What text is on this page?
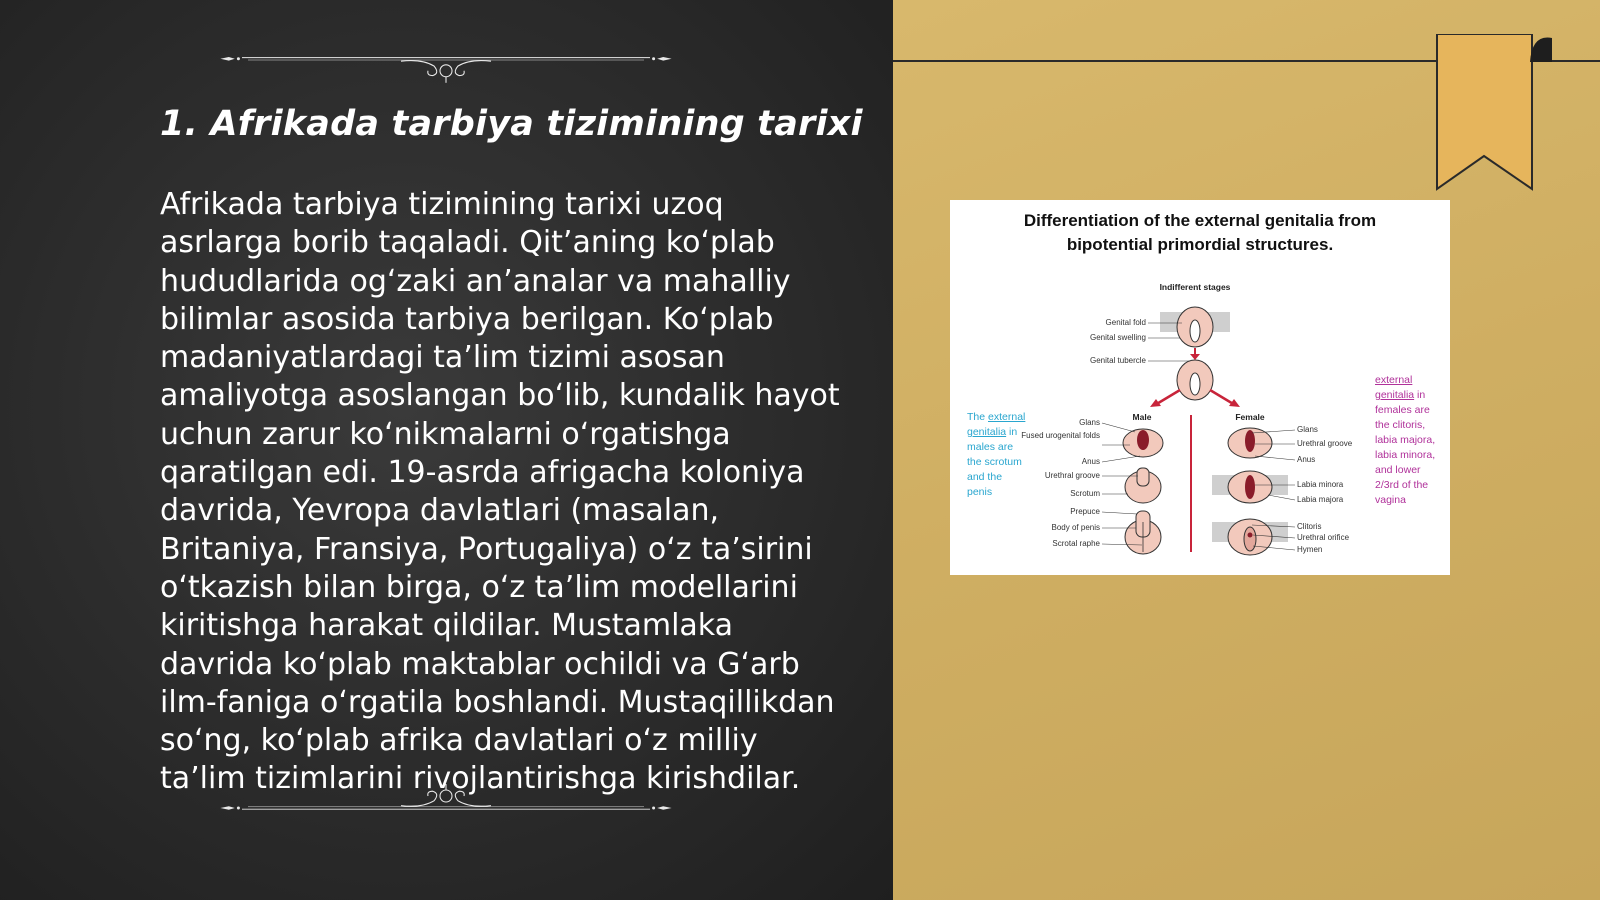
1. Afrikada tarbiya tizimining tarixi

Afrikada tarbiya tizimining tarixi uzoq asrlarga borib taqaladi. Qit’aning ko‘plab hududlarida og‘zaki an’analar va mahalliy bilimlar asosida tarbiya berilgan. Ko‘plab madaniyatlardagi ta’lim tizimi asosan amaliyotga asoslangan bo‘lib, kundalik hayot uchun zarur ko‘nikmalarni o‘rgatishga qaratilgan edi. 19-asrda afrigacha koloniya davrida, Yevropa davlatlari (masalan, Britaniya, Fransiya, Portugaliya) o‘z ta’sirini o‘tkazish bilan birga, o‘z ta’lim modellarini kiritishga harakat qildilar. Mustamlaka davrida ko‘plab maktablar ochildi va G‘arb ilm-faniga o‘rgatila boshlandi. Mustaqillikdan so‘ng, ko‘plab afrika davlatlari o‘z milliy ta’lim tizimlarini rivojlantirishga kirishdilar.

Differentiation of the external genitalia from
bipotential primordial structures.

Indifferent stages
Genital fold
Genital swelling
Genital tubercle
Male	Female
Glans
Fused urogenital folds
Anus
Urethral groove
Scrotum
Prepuce
Body of penis
Scrotal raphe
Glans
Urethral groove
Anus
Labia minora
Labia majora
Clitoris
Urethral orifice
Hymen

The external genitalia in males are the scrotum and the penis

external genitalia in females are the clitoris, labia majora, labia minora, and lower 2/3rd of the vagina
